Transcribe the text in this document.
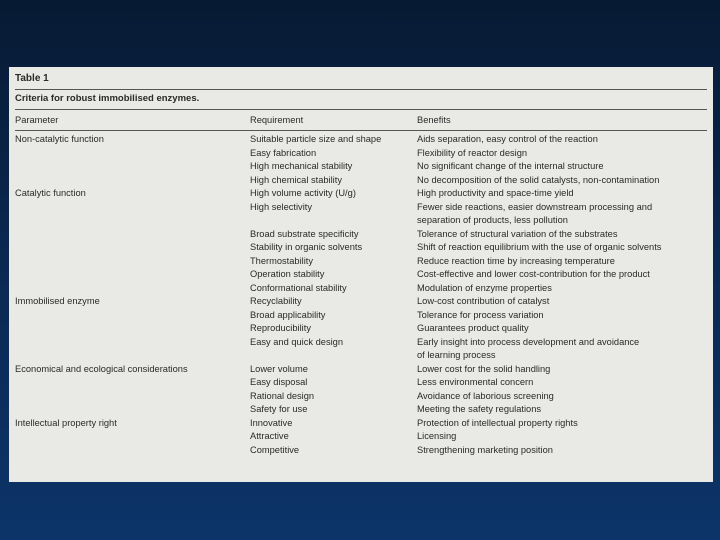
Table 1
Criteria for robust immobilised enzymes.
Parameter	Requirement	Benefits
Non-catalytic function	Suitable particle size and shape	Aids separation, easy control of the reaction
Easy fabrication	Flexibility of reactor design
High mechanical stability	No significant change of the internal structure
High chemical stability	No decomposition of the solid catalysts, non-contamination
Catalytic function	High volume activity (U/g)	High productivity and space-time yield
High selectivity	Fewer side reactions, easier downstream processing and
separation of products, less pollution
Broad substrate specificity	Tolerance of structural variation of the substrates
Stability in organic solvents	Shift of reaction equilibrium with the use of organic solvents
Thermostability	Reduce reaction time by increasing temperature
Operation stability	Cost-effective and lower cost-contribution for the product
Conformational stability	Modulation of enzyme properties
Immobilised enzyme	Recyclability	Low-cost contribution of catalyst
Broad applicability	Tolerance for process variation
Reproducibility	Guarantees product quality
Easy and quick design	Early insight into process development and avoidance
of learning process
Economical and ecological considerations	Lower volume	Lower cost for the solid handling
Easy disposal	Less environmental concern
Rational design	Avoidance of laborious screening
Safety for use	Meeting the safety regulations
Intellectual property right	Innovative	Protection of intellectual property rights
Attractive	Licensing
Competitive	Strengthening marketing position
